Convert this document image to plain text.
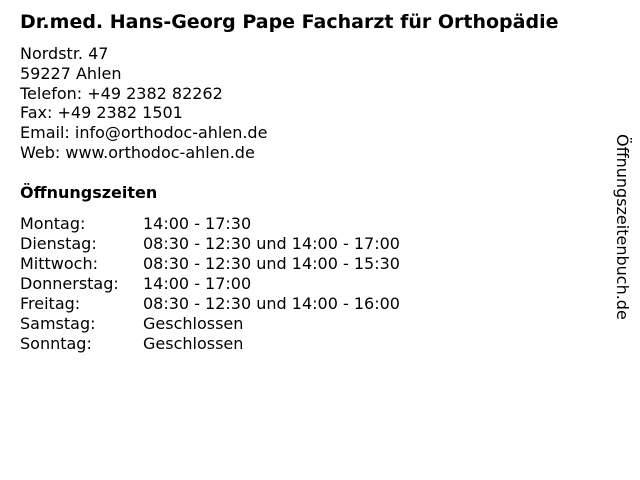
Dr.med. Hans-Georg Pape Facharzt für Orthopädie
Nordstr. 47
59227 Ahlen
Telefon: +49 2382 82262
Fax: +49 2382 1501
Email: info@orthodoc-ahlen.de
Web: www.orthodoc-ahlen.de
Öffnungszeiten
Montag:	14:00 - 17:30
Dienstag:	08:30 - 12:30 und 14:00 - 17:00
Mittwoch:	08:30 - 12:30 und 14:00 - 15:30
Donnerstag:	14:00 - 17:00
Freitag:	08:30 - 12:30 und 14:00 - 16:00
Samstag:	Geschlossen
Sonntag:	Geschlossen
Öffnungszeitenbuch.de
